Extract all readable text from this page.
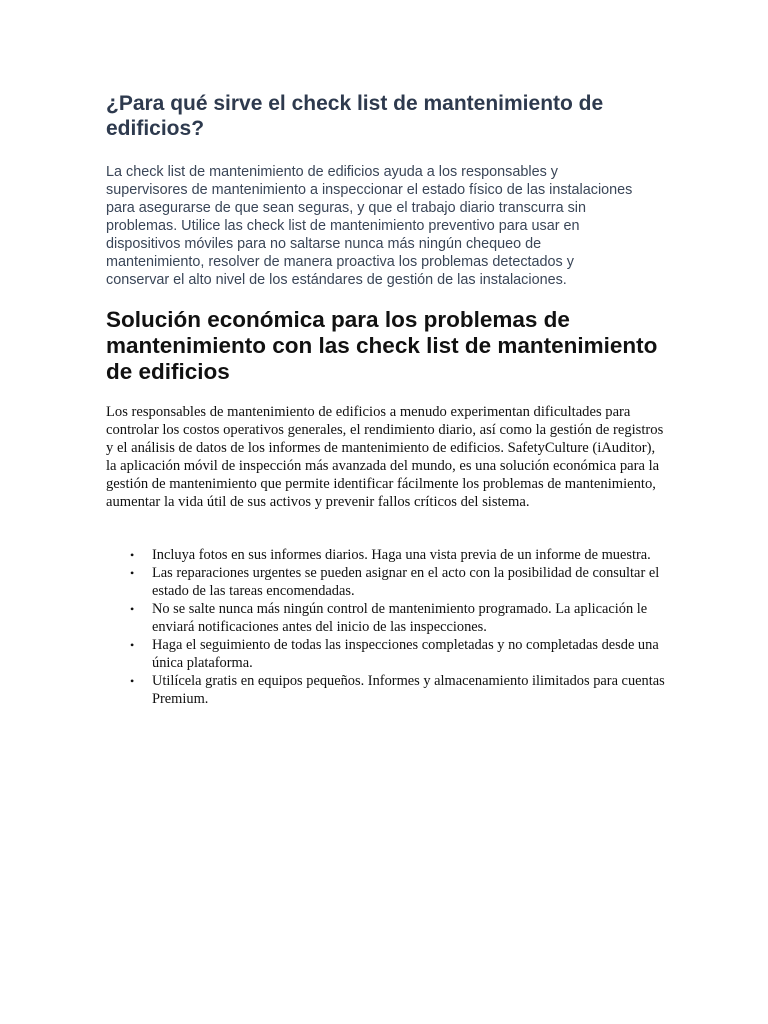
¿Para qué sirve el check list de mantenimiento de edificios?

La check list de mantenimiento de edificios ayuda a los responsables y supervisores de mantenimiento a inspeccionar el estado físico de las instalaciones para asegurarse de que sean seguras, y que el trabajo diario transcurra sin problemas. Utilice las check list de mantenimiento preventivo para usar en dispositivos móviles para no saltarse nunca más ningún chequeo de mantenimiento, resolver de manera proactiva los problemas detectados y conservar el alto nivel de los estándares de gestión de las instalaciones.

Solución económica para los problemas de mantenimiento con las check list de mantenimiento de edificios

Los responsables de mantenimiento de edificios a menudo experimentan dificultades para controlar los costos operativos generales, el rendimiento diario, así como la gestión de registros y el análisis de datos de los informes de mantenimiento de edificios. SafetyCulture (iAuditor), la aplicación móvil de inspección más avanzada del mundo, es una solución económica para la gestión de mantenimiento que permite identificar fácilmente los problemas de mantenimiento, aumentar la vida útil de sus activos y prevenir fallos críticos del sistema.

• Incluya fotos en sus informes diarios. Haga una vista previa de un informe de muestra.
• Las reparaciones urgentes se pueden asignar en el acto con la posibilidad de consultar el estado de las tareas encomendadas.
• No se salte nunca más ningún control de mantenimiento programado. La aplicación le enviará notificaciones antes del inicio de las inspecciones.
• Haga el seguimiento de todas las inspecciones completadas y no completadas desde una única plataforma.
• Utilícela gratis en equipos pequeños. Informes y almacenamiento ilimitados para cuentas Premium.
